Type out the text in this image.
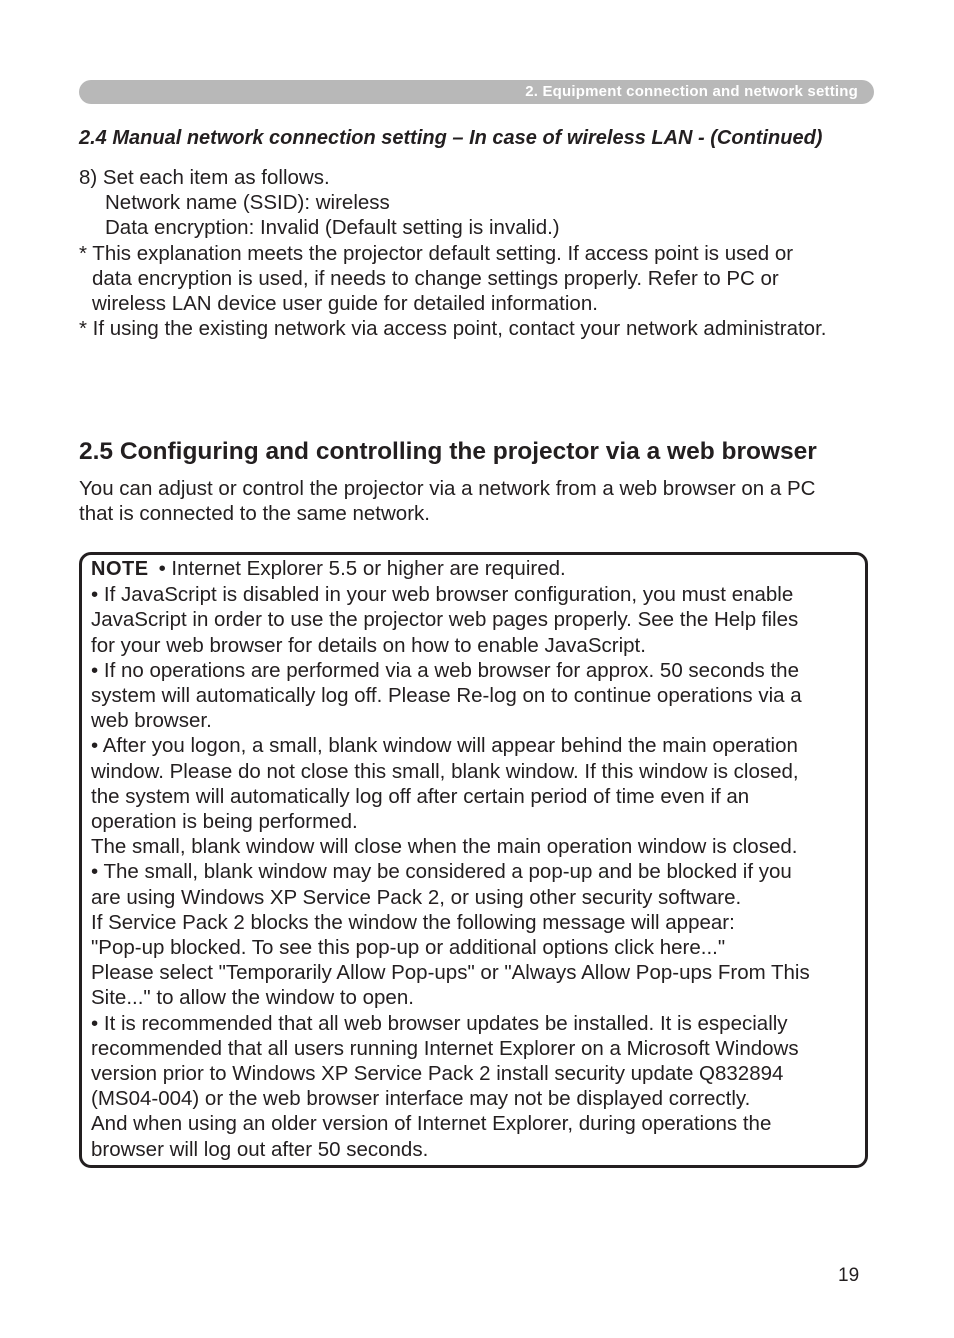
2. Equipment connection and network setting
2.4 Manual network connection setting – In case of wireless LAN - (Continued)
8) Set each item as follows.
Network name (SSID): wireless
Data encryption: Invalid (Default setting is invalid.)
* This explanation meets the projector default setting. If access point is used or
data encryption is used, if needs to change settings properly. Refer to PC or
wireless LAN device user guide for detailed information.
* If using the existing network via access point, contact your network administrator.
2.5 Configuring and controlling the projector via a web browser
You can adjust or control the projector via a network from a web browser on a PC
that is connected to the same network.
NOTE • Internet Explorer 5.5 or higher are required.
• If JavaScript is disabled in your web browser configuration, you must enable
JavaScript in order to use the projector web pages properly. See the Help files
for your web browser for details on how to enable JavaScript.
• If no operations are performed via a web browser for approx. 50 seconds the
system will automatically log off. Please Re-log on to continue operations via a
web browser.
• After you logon, a small, blank window will appear behind the main operation
window. Please do not close this small, blank window. If this window is closed,
the system will automatically log off after certain period of time even if an
operation is being performed.
The small, blank window will close when the main operation window is closed.
• The small, blank window may be considered a pop-up and be blocked if you
are using Windows XP Service Pack 2, or using other security software.
If Service Pack 2 blocks the window the following message will appear:
"Pop-up blocked. To see this pop-up or additional options click here..."
Please select "Temporarily Allow Pop-ups" or "Always Allow Pop-ups From This
Site..." to allow the window to open.
• It is recommended that all web browser updates be installed. It is especially
recommended that all users running Internet Explorer on a Microsoft Windows
version prior to Windows XP Service Pack 2 install security update Q832894
(MS04-004) or the web browser interface may not be displayed correctly.
And when using an older version of Internet Explorer, during operations the
browser will log out after 50 seconds.
19
